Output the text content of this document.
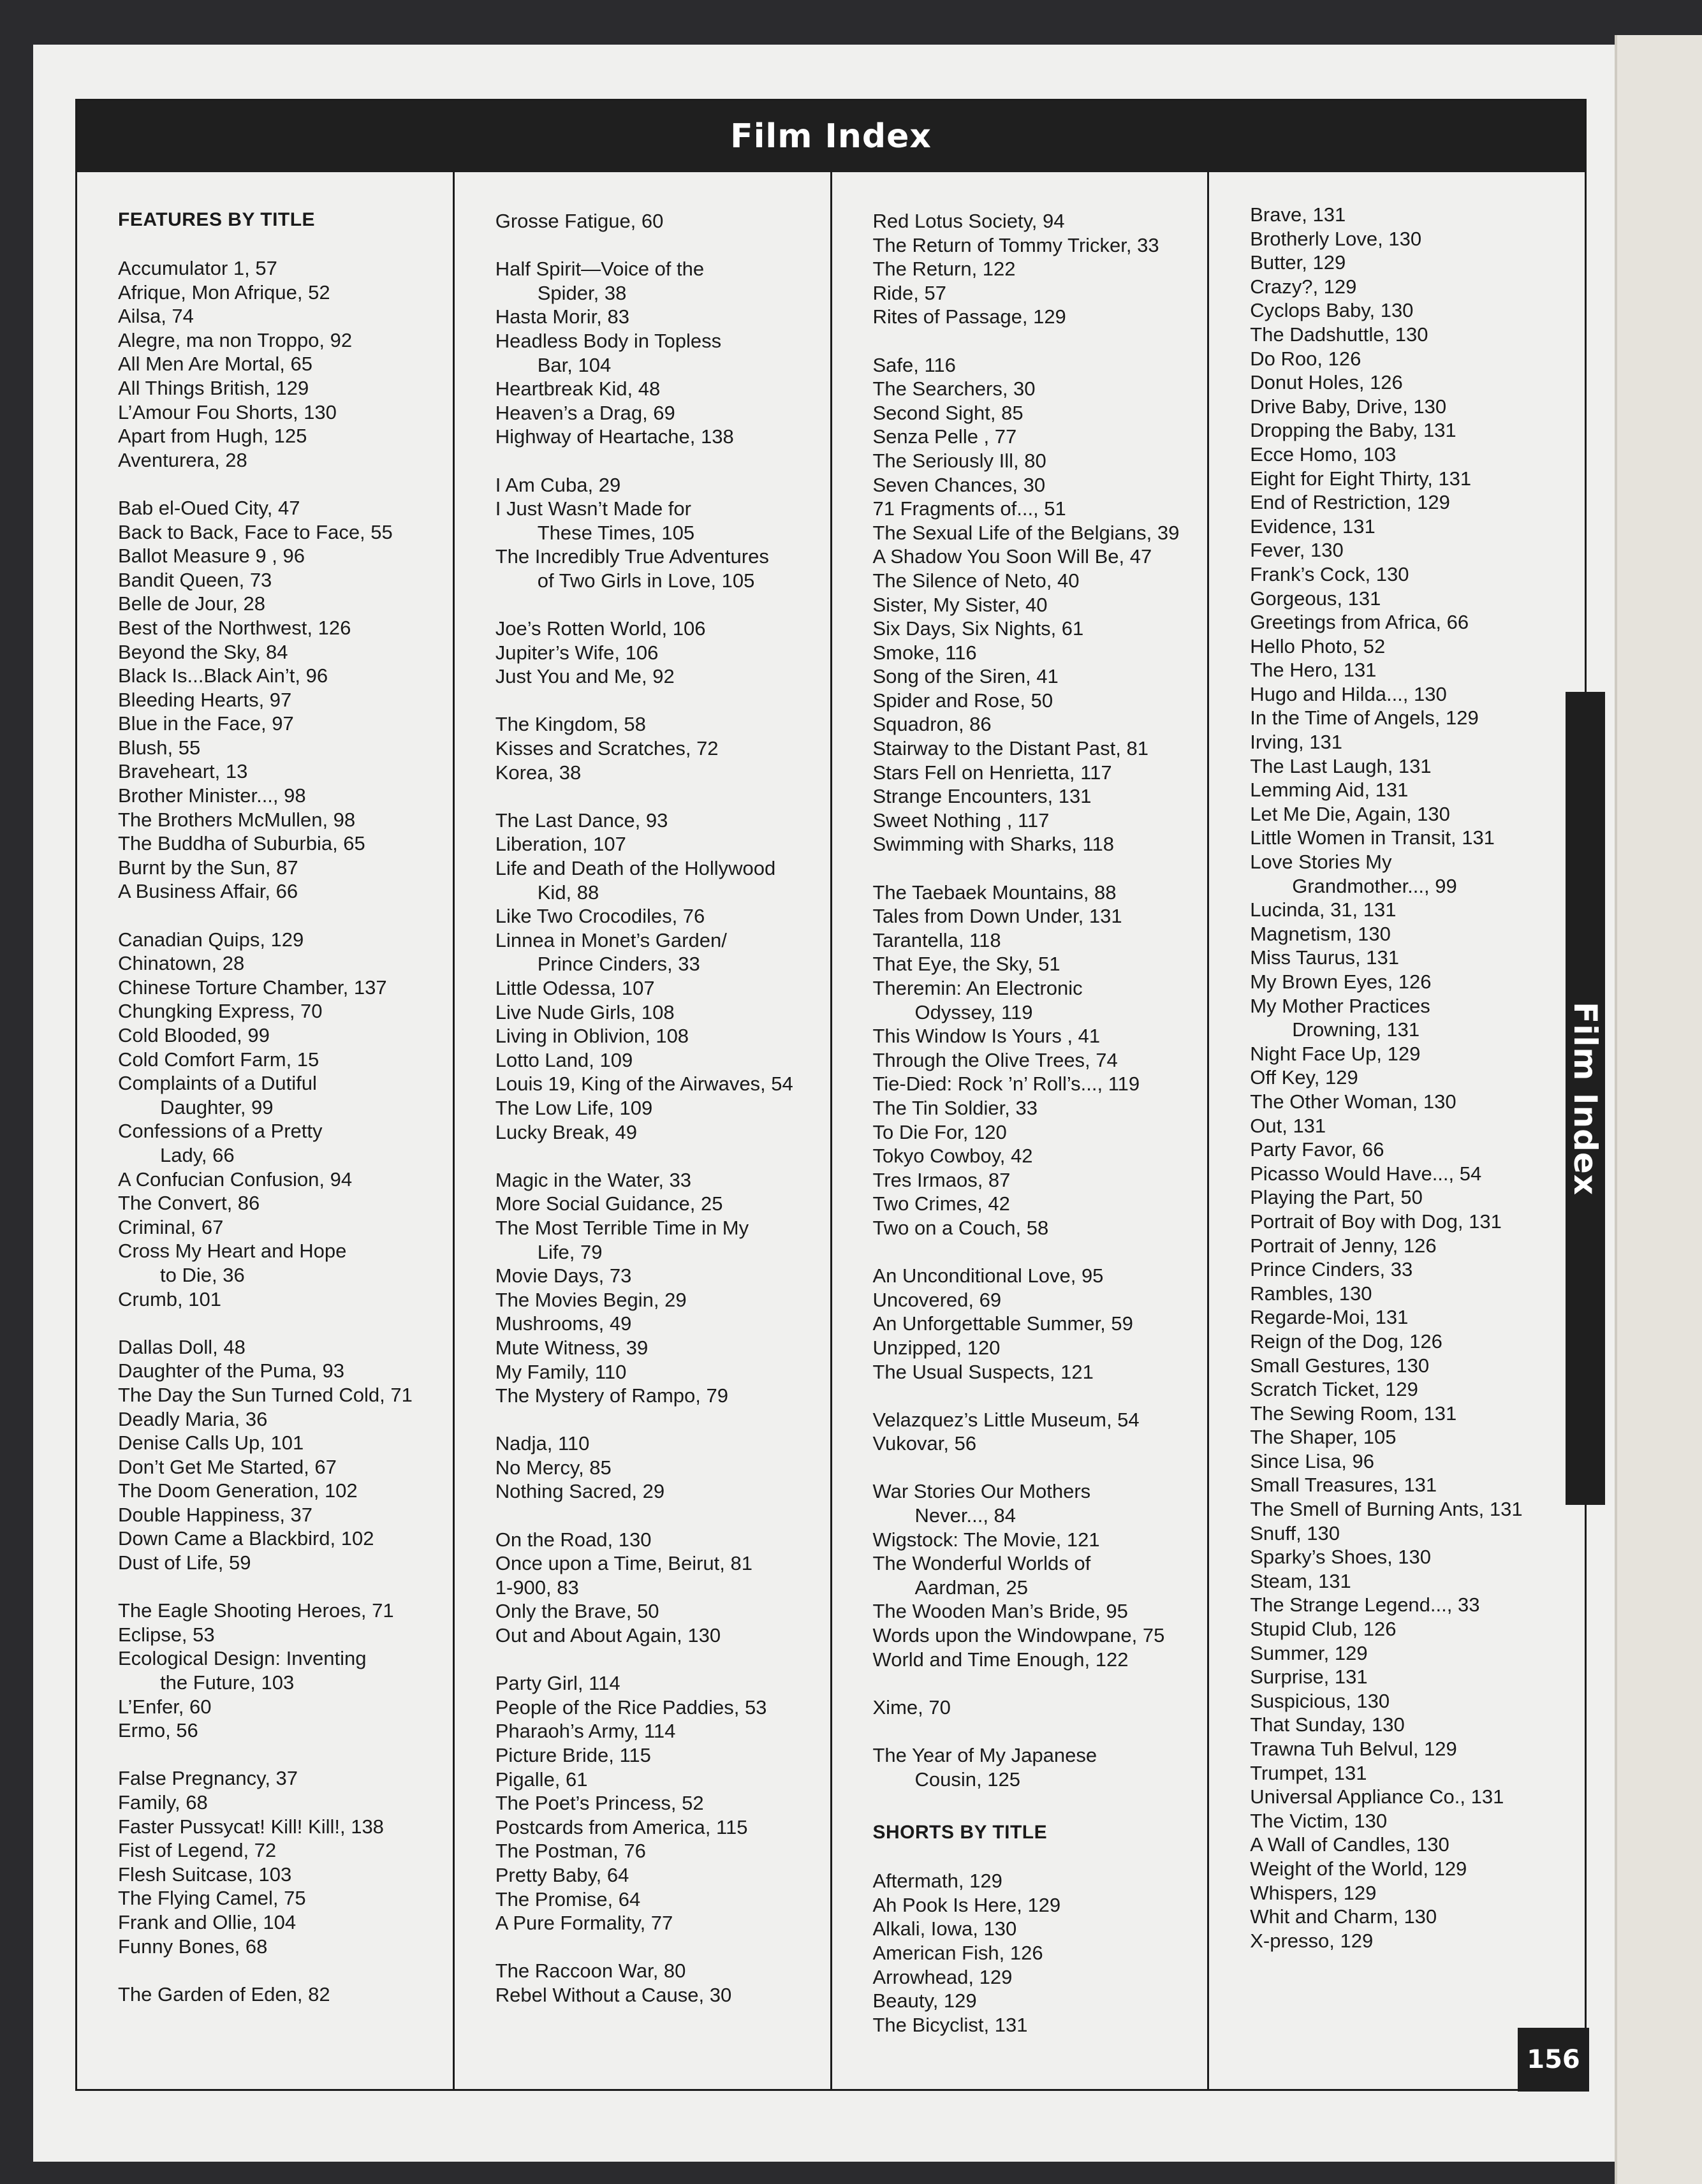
Film Index
FEATURES BY TITLE
Accumulator 1, 57
Afrique, Mon Afrique, 52
Ailsa, 74
Alegre, ma non Troppo, 92
All Men Are Mortal, 65
All Things British, 129
L’Amour Fou Shorts, 130
Apart from Hugh, 125
Aventurera, 28
Bab el-Oued City, 47
Back to Back, Face to Face, 55
Ballot Measure 9 , 96
Bandit Queen, 73
Belle de Jour, 28
Best of the Northwest, 126
Beyond the Sky, 84
Black Is...Black Ain’t, 96
Bleeding Hearts, 97
Blue in the Face, 97
Blush, 55
Braveheart, 13
Brother Minister..., 98
The Brothers McMullen, 98
The Buddha of Suburbia, 65
Burnt by the Sun, 87
A Business Affair, 66
Canadian Quips, 129
Chinatown, 28
Chinese Torture Chamber, 137
Chungking Express, 70
Cold Blooded, 99
Cold Comfort Farm, 15
Complaints of a Dutiful
Daughter, 99
Confessions of a Pretty
Lady, 66
A Confucian Confusion, 94
The Convert, 86
Criminal, 67
Cross My Heart and Hope
to Die, 36
Crumb, 101
Dallas Doll, 48
Daughter of the Puma, 93
The Day the Sun Turned Cold, 71
Deadly Maria, 36
Denise Calls Up, 101
Don’t Get Me Started, 67
The Doom Generation, 102
Double Happiness, 37
Down Came a Blackbird, 102
Dust of Life, 59
The Eagle Shooting Heroes, 71
Eclipse, 53
Ecological Design: Inventing
the Future, 103
L’Enfer, 60
Ermo, 56
False Pregnancy, 37
Family, 68
Faster Pussycat! Kill! Kill!, 138
Fist of Legend, 72
Flesh Suitcase, 103
The Flying Camel, 75
Frank and Ollie, 104
Funny Bones, 68
The Garden of Eden, 82
Grosse Fatigue, 60
Half Spirit—Voice of the
Spider, 38
Hasta Morir, 83
Headless Body in Topless
Bar, 104
Heartbreak Kid, 48
Heaven’s a Drag, 69
Highway of Heartache, 138
I Am Cuba, 29
I Just Wasn’t Made for
These Times, 105
The Incredibly True Adventures
of Two Girls in Love, 105
Joe’s Rotten World, 106
Jupiter’s Wife, 106
Just You and Me, 92
The Kingdom, 58
Kisses and Scratches, 72
Korea, 38
The Last Dance, 93
Liberation, 107
Life and Death of the Hollywood
Kid, 88
Like Two Crocodiles, 76
Linnea in Monet’s Garden/
Prince Cinders, 33
Little Odessa, 107
Live Nude Girls, 108
Living in Oblivion, 108
Lotto Land, 109
Louis 19, King of the Airwaves, 54
The Low Life, 109
Lucky Break, 49
Magic in the Water, 33
More Social Guidance, 25
The Most Terrible Time in My
Life, 79
Movie Days, 73
The Movies Begin, 29
Mushrooms, 49
Mute Witness, 39
My Family, 110
The Mystery of Rampo, 79
Nadja, 110
No Mercy, 85
Nothing Sacred, 29
On the Road, 130
Once upon a Time, Beirut, 81
1-900, 83
Only the Brave, 50
Out and About Again, 130
Party Girl, 114
People of the Rice Paddies, 53
Pharaoh’s Army, 114
Picture Bride, 115
Pigalle, 61
The Poet’s Princess, 52
Postcards from America, 115
The Postman, 76
Pretty Baby, 64
The Promise, 64
A Pure Formality, 77
The Raccoon War, 80
Rebel Without a Cause, 30
Red Lotus Society, 94
The Return of Tommy Tricker, 33
The Return, 122
Ride, 57
Rites of Passage, 129
Safe, 116
The Searchers, 30
Second Sight, 85
Senza Pelle , 77
The Seriously Ill, 80
Seven Chances, 30
71 Fragments of..., 51
The Sexual Life of the Belgians, 39
A Shadow You Soon Will Be, 47
The Silence of Neto, 40
Sister, My Sister, 40
Six Days, Six Nights, 61
Smoke, 116
Song of the Siren, 41
Spider and Rose, 50
Squadron, 86
Stairway to the Distant Past, 81
Stars Fell on Henrietta, 117
Strange Encounters, 131
Sweet Nothing , 117
Swimming with Sharks, 118
The Taebaek Mountains, 88
Tales from Down Under, 131
Tarantella, 118
That Eye, the Sky, 51
Theremin: An Electronic
Odyssey, 119
This Window Is Yours , 41
Through the Olive Trees, 74
Tie-Died: Rock ’n’ Roll’s..., 119
The Tin Soldier, 33
To Die For, 120
Tokyo Cowboy, 42
Tres Irmaos, 87
Two Crimes, 42
Two on a Couch, 58
An Unconditional Love, 95
Uncovered, 69
An Unforgettable Summer, 59
Unzipped, 120
The Usual Suspects, 121
Velazquez’s Little Museum, 54
Vukovar, 56
War Stories Our Mothers
Never..., 84
Wigstock: The Movie, 121
The Wonderful Worlds of
Aardman, 25
The Wooden Man’s Bride, 95
Words upon the Windowpane, 75
World and Time Enough, 122
Xime, 70
The Year of My Japanese
Cousin, 125
SHORTS BY TITLE
Aftermath, 129
Ah Pook Is Here, 129
Alkali, Iowa, 130
American Fish, 126
Arrowhead, 129
Beauty, 129
The Bicyclist, 131
Brave, 131
Brotherly Love, 130
Butter, 129
Crazy?, 129
Cyclops Baby, 130
The Dadshuttle, 130
Do Roo, 126
Donut Holes, 126
Drive Baby, Drive, 130
Dropping the Baby, 131
Ecce Homo, 103
Eight for Eight Thirty, 131
End of Restriction, 129
Evidence, 131
Fever, 130
Frank’s Cock, 130
Gorgeous, 131
Greetings from Africa, 66
Hello Photo, 52
The Hero, 131
Hugo and Hilda..., 130
In the Time of Angels, 129
Irving, 131
The Last Laugh, 131
Lemming Aid, 131
Let Me Die, Again, 130
Little Women in Transit, 131
Love Stories My
Grandmother..., 99
Lucinda, 31, 131
Magnetism, 130
Miss Taurus, 131
My Brown Eyes, 126
My Mother Practices
Drowning, 131
Night Face Up, 129
Off Key, 129
The Other Woman, 130
Out, 131
Party Favor, 66
Picasso Would Have..., 54
Playing the Part, 50
Portrait of Boy with Dog, 131
Portrait of Jenny, 126
Prince Cinders, 33
Rambles, 130
Regarde-Moi, 131
Reign of the Dog, 126
Small Gestures, 130
Scratch Ticket, 129
The Sewing Room, 131
The Shaper, 105
Since Lisa, 96
Small Treasures, 131
The Smell of Burning Ants, 131
Snuff, 130
Sparky’s Shoes, 130
Steam, 131
The Strange Legend..., 33
Stupid Club, 126
Summer, 129
Surprise, 131
Suspicious, 130
That Sunday, 130
Trawna Tuh Belvul, 129
Trumpet, 131
Universal Appliance Co., 131
The Victim, 130
A Wall of Candles, 130
Weight of the World, 129
Whispers, 129
Whit and Charm, 130
X-presso, 129
Film Index
156
